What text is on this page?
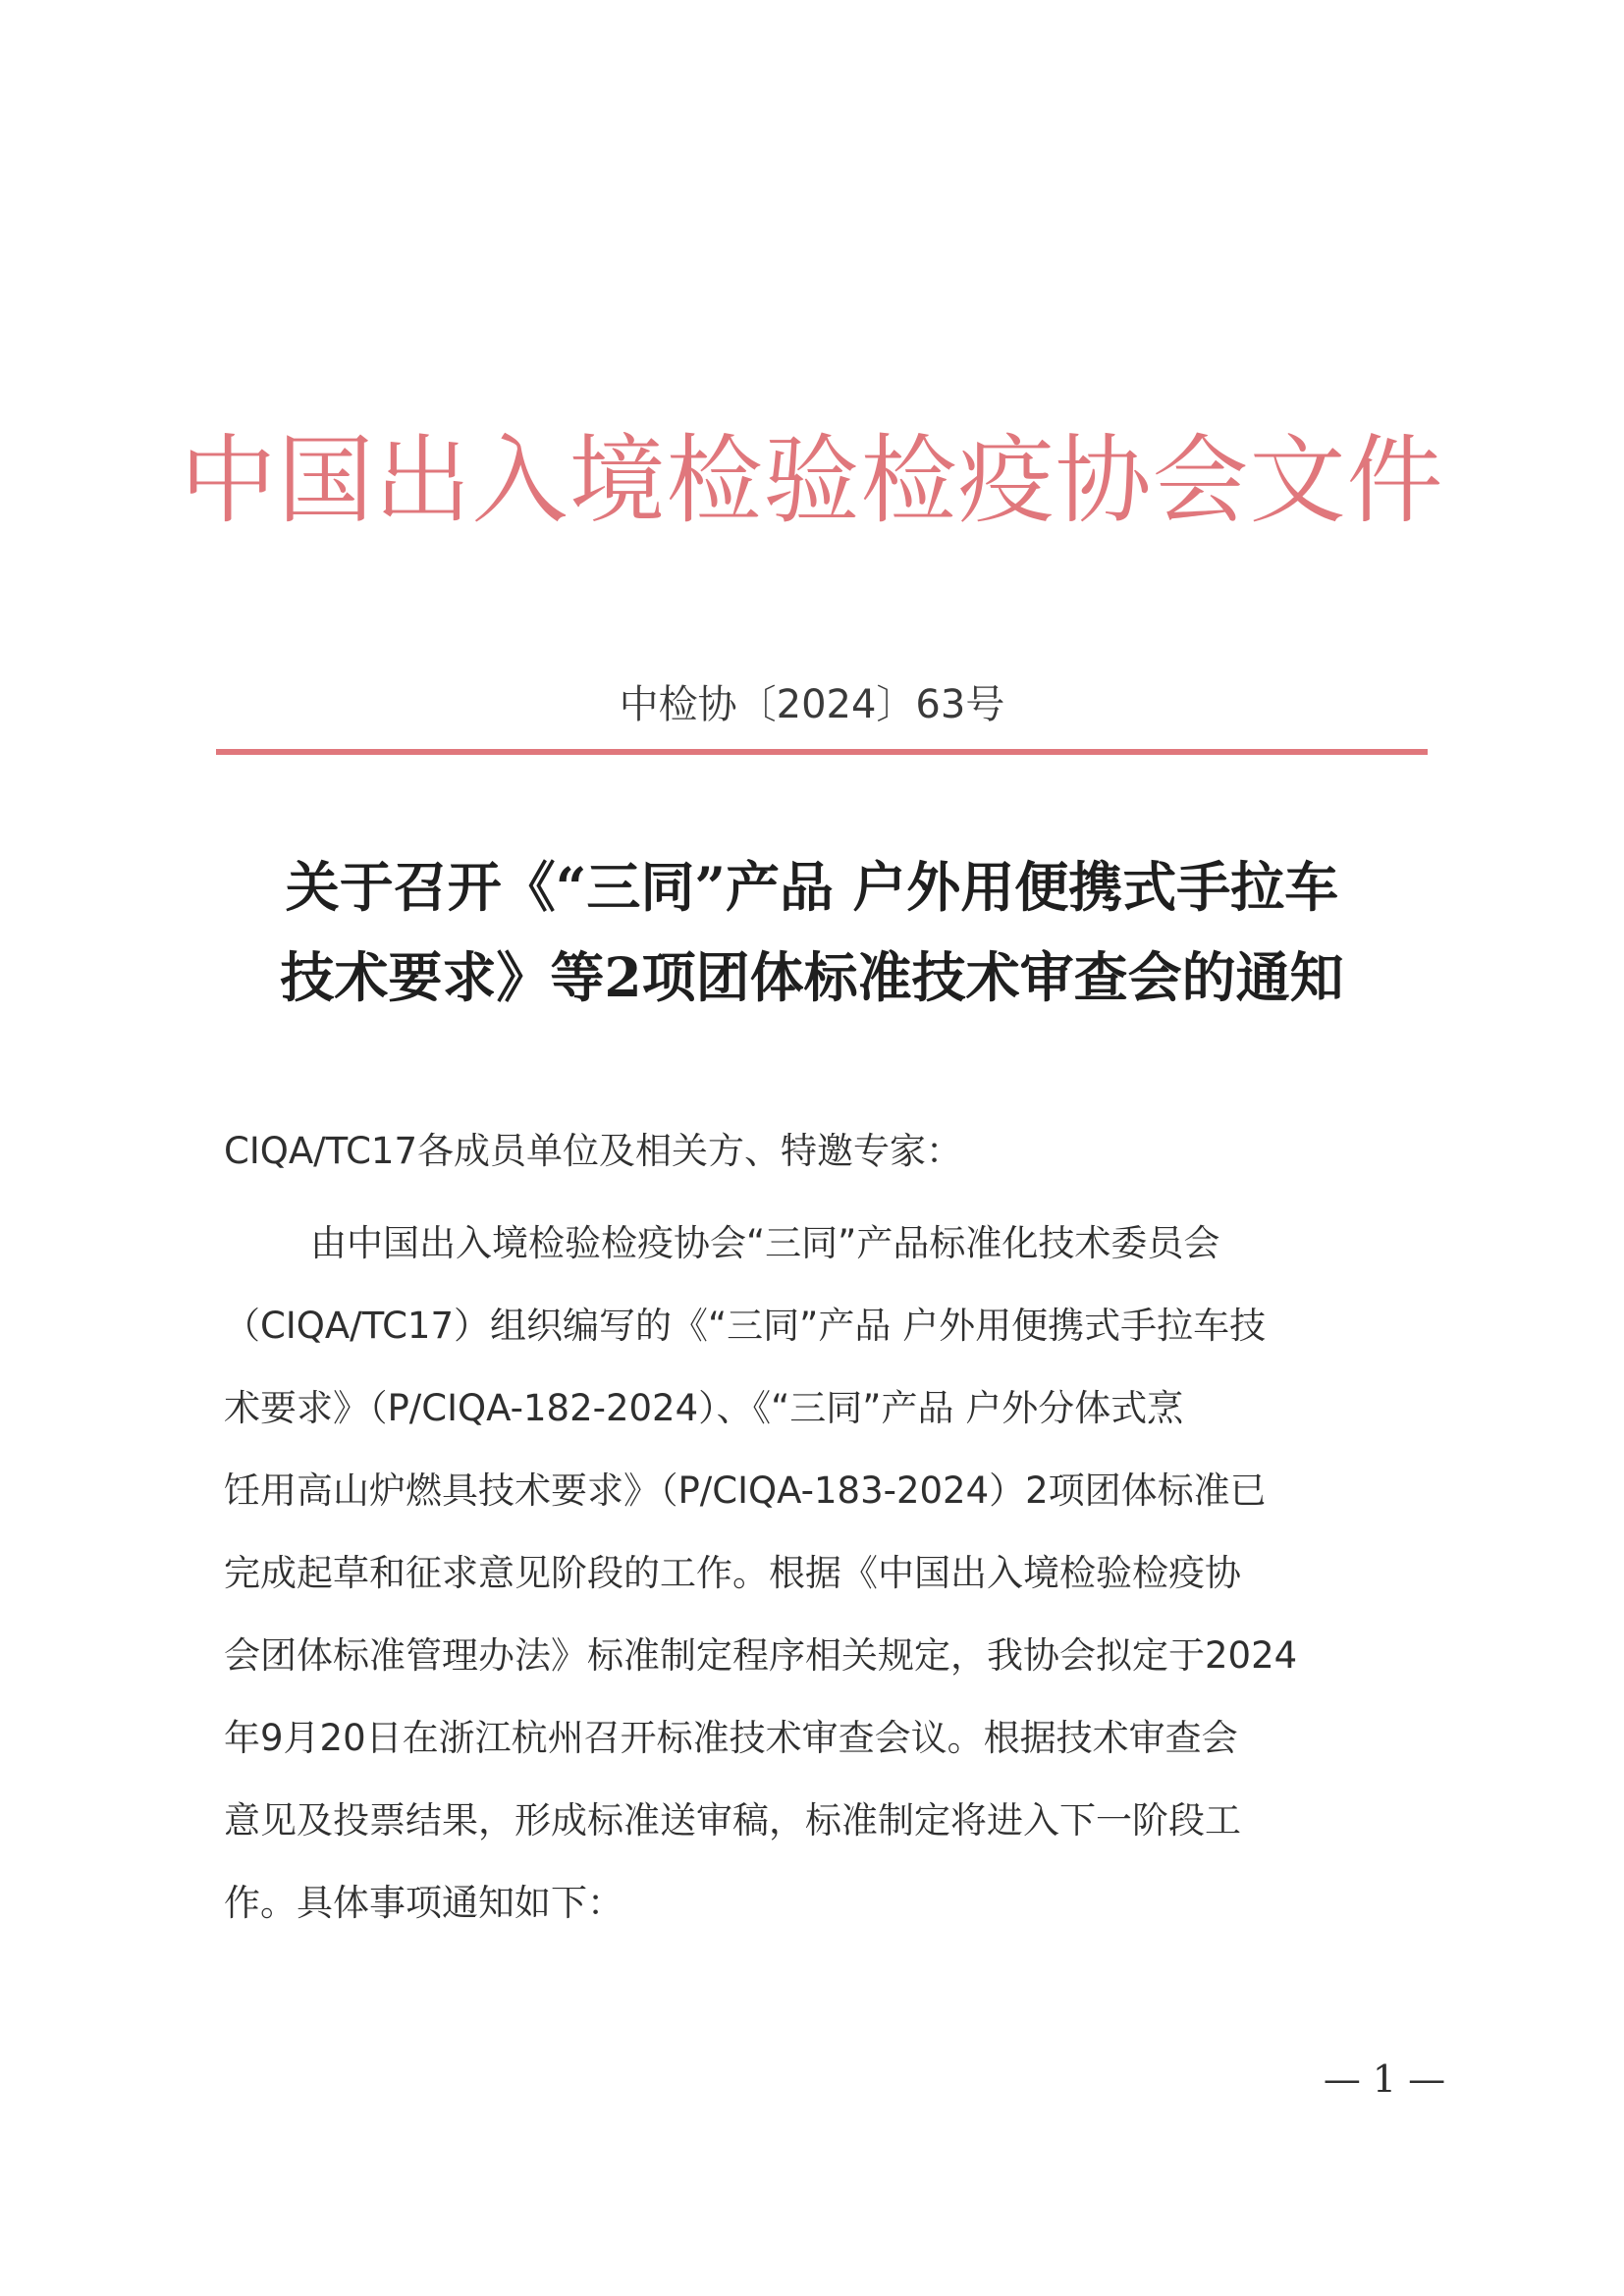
中国出入境检验检疫协会文件
中检协〔2024〕63号
关于召开《“三同”产品 户外用便携式手拉车
技术要求》等2项团体标准技术审查会的通知
CIQA/TC17各成员单位及相关方、特邀专家：
由中国出入境检验检疫协会“三同”产品标准化技术委员会
（CIQA/TC17）组织编写的《“三同”产品 户外用便携式手拉车技
术要求》（P/CIQA-182-2024）、《“三同”产品 户外分体式烹
饪用高山炉燃具技术要求》（P/CIQA-183-2024）2项团体标准已
完成起草和征求意见阶段的工作。根据《中国出入境检验检疫协
会团体标准管理办法》标准制定程序相关规定，我协会拟定于2024
年9月20日在浙江杭州召开标准技术审查会议。根据技术审查会
意见及投票结果，形成标准送审稿，标准制定将进入下一阶段工
作。具体事项通知如下：
— 1 —
